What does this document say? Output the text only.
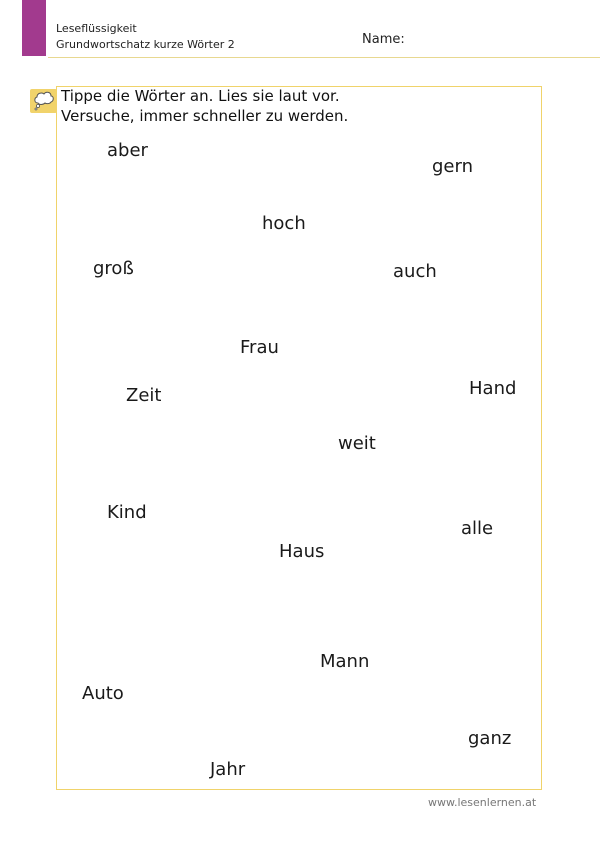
Leseflüssigkeit
Grundwortschatz kurze Wörter 2	Name:
Tippe die Wörter an. Lies sie laut vor.
Versuche, immer schneller zu werden.
aber
gern
hoch
groß	auch
Frau
Hand
Zeit
weit
Kind
alle
Haus
Mann
Auto
ganz
Jahr
www.lesenlernen.at
